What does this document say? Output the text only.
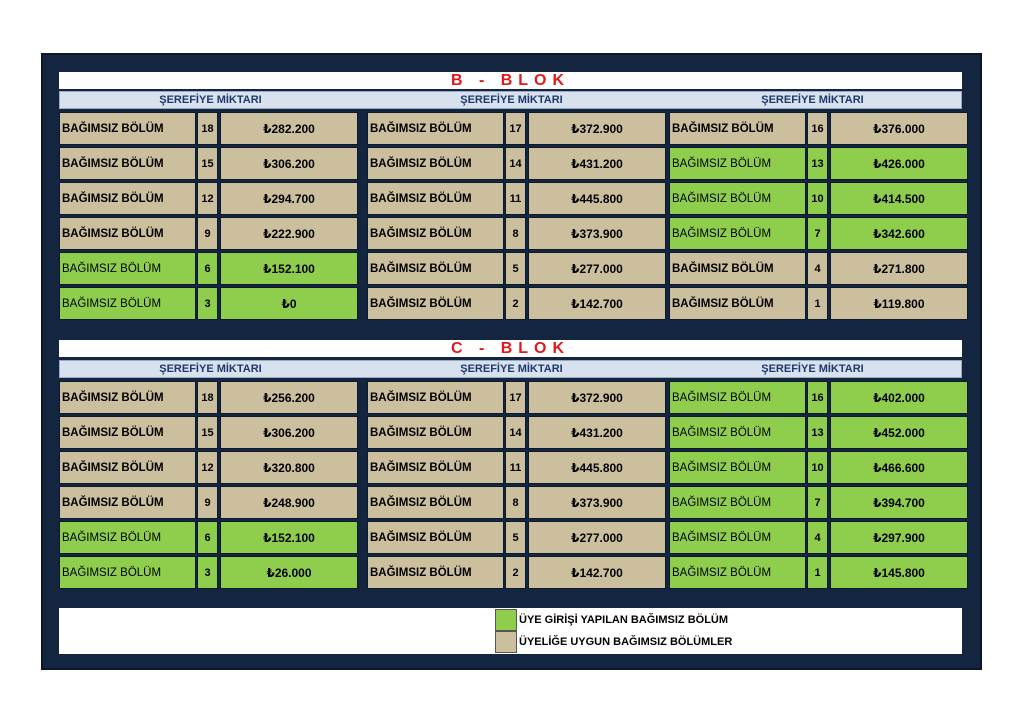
B - BLOK
ŞEREFİYE MİKTARI	ŞEREFİYE MİKTARI	ŞEREFİYE MİKTARI
BAĞIMSIZ BÖLÜM	18	₺282.200	BAĞIMSIZ BÖLÜM	17	₺372.900	BAĞIMSIZ BÖLÜM	16	₺376.000
BAĞIMSIZ BÖLÜM	15	₺306.200	BAĞIMSIZ BÖLÜM	14	₺431.200	BAĞIMSIZ BÖLÜM	13	₺426.000
BAĞIMSIZ BÖLÜM	12	₺294.700	BAĞIMSIZ BÖLÜM	11	₺445.800	BAĞIMSIZ BÖLÜM	10	₺414.500
BAĞIMSIZ BÖLÜM	9	₺222.900	BAĞIMSIZ BÖLÜM	8	₺373.900	BAĞIMSIZ BÖLÜM	7	₺342.600
BAĞIMSIZ BÖLÜM	6	₺152.100	BAĞIMSIZ BÖLÜM	5	₺277.000	BAĞIMSIZ BÖLÜM	4	₺271.800
BAĞIMSIZ BÖLÜM	3	₺0	BAĞIMSIZ BÖLÜM	2	₺142.700	BAĞIMSIZ BÖLÜM	1	₺119.800
C - BLOK
ŞEREFİYE MİKTARI	ŞEREFİYE MİKTARI	ŞEREFİYE MİKTARI
BAĞIMSIZ BÖLÜM	18	₺256.200	BAĞIMSIZ BÖLÜM	17	₺372.900	BAĞIMSIZ BÖLÜM	16	₺402.000
BAĞIMSIZ BÖLÜM	15	₺306.200	BAĞIMSIZ BÖLÜM	14	₺431.200	BAĞIMSIZ BÖLÜM	13	₺452.000
BAĞIMSIZ BÖLÜM	12	₺320.800	BAĞIMSIZ BÖLÜM	11	₺445.800	BAĞIMSIZ BÖLÜM	10	₺466.600
BAĞIMSIZ BÖLÜM	9	₺248.900	BAĞIMSIZ BÖLÜM	8	₺373.900	BAĞIMSIZ BÖLÜM	7	₺394.700
BAĞIMSIZ BÖLÜM	6	₺152.100	BAĞIMSIZ BÖLÜM	5	₺277.000	BAĞIMSIZ BÖLÜM	4	₺297.900
BAĞIMSIZ BÖLÜM	3	₺26.000	BAĞIMSIZ BÖLÜM	2	₺142.700	BAĞIMSIZ BÖLÜM	1	₺145.800
ÜYE GİRİŞİ YAPILAN BAĞIMSIZ BÖLÜM
ÜYELİĞE UYGUN BAĞIMSIZ BÖLÜMLER
